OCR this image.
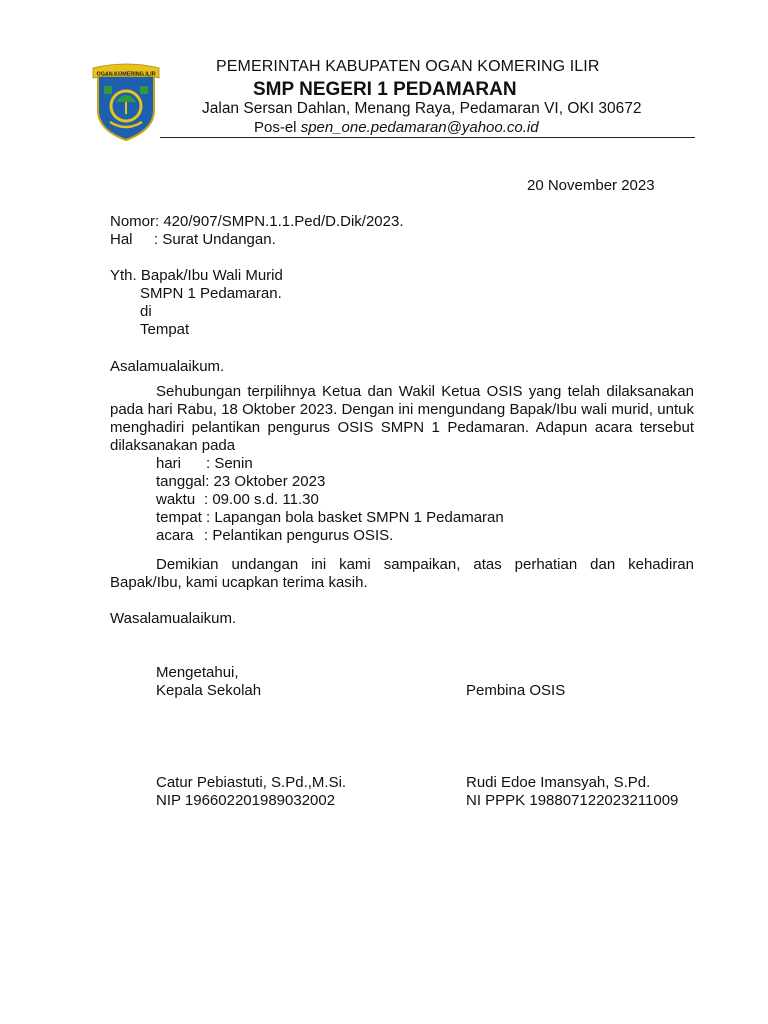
OGAN KOMERING ILIR	PEMERINTAH KABUPATEN OGAN KOMERING ILIR
SMP NEGERI 1 PEDAMARAN
Jalan Sersan Dahlan, Menang Raya, Pedamaran VI, OKI 30672
Pos-el spen_one.pedamaran@yahoo.co.id
20 November 2023
Nomor: 420/907/SMPN.1.1.Ped/D.Dik/2023.
Hal : Surat Undangan.
Yth. Bapak/Ibu Wali Murid
SMPN 1 Pedamaran.
di
Tempat
Asalamualaikum.
Sehubungan terpilihnya Ketua dan Wakil Ketua OSIS yang telah dilaksanakan pada hari Rabu, 18 Oktober 2023. Dengan ini mengundang Bapak/Ibu wali murid, untuk menghadiri pelantikan pengurus OSIS SMPN 1 Pedamaran. Adapun acara tersebut dilaksanakan pada
hari : Senin
tanggal: 23 Oktober 2023
waktu : 09.00 s.d. 11.30
tempat : Lapangan bola basket SMPN 1 Pedamaran
acara : Pelantikan pengurus OSIS.
Demikian undangan ini kami sampaikan, atas perhatian dan kehadiran Bapak/Ibu, kami ucapkan terima kasih.
Wasalamualaikum.
Mengetahui,
Kepala Sekolah
Catur Pebiastuti, S.Pd.,M.Si.
NIP 196602201989032002
Pembina OSIS
Rudi Edoe Imansyah, S.Pd.
NI PPPK 198807122023211009
